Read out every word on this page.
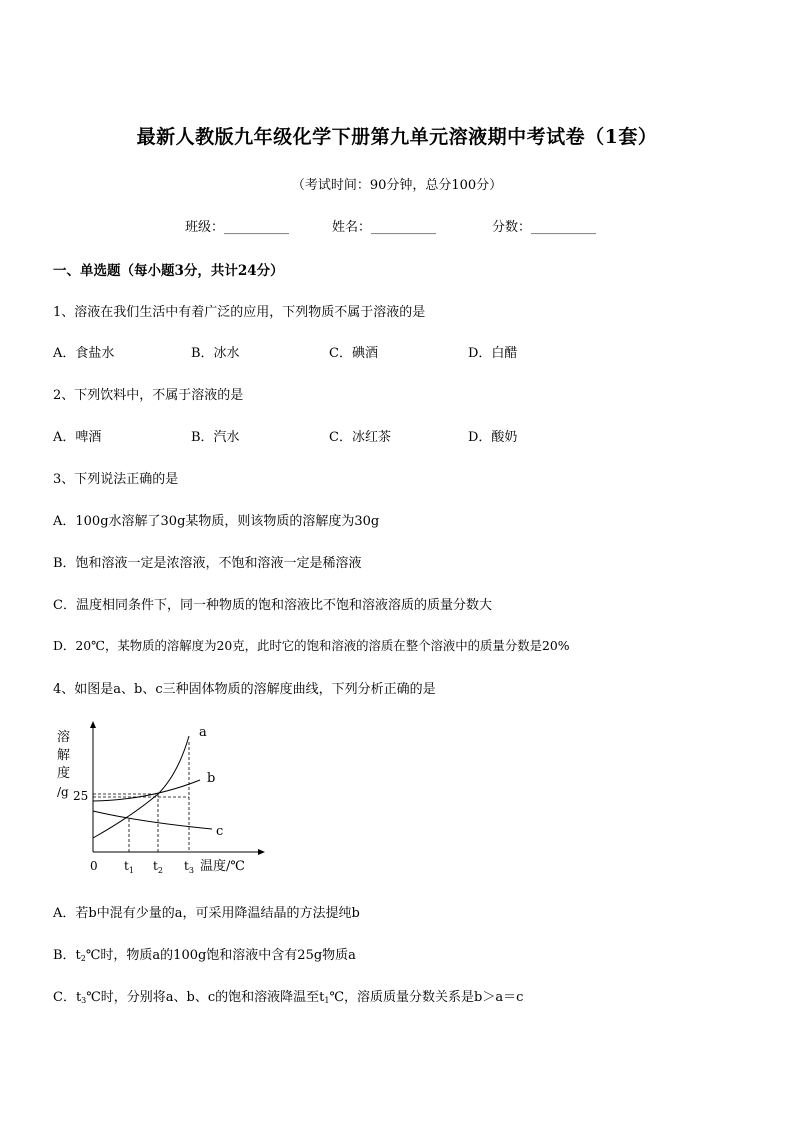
最新人教版九年级化学下册第九单元溶液期中考试卷（1套）
（考试时间：90分钟，总分100分）
班级：__________	姓名：__________	分数：__________
一、单选题（每小题3分，共计24分）
1、溶液在我们生活中有着广泛的应用，下列物质不属于溶液的是
A．食盐水	B．冰水	C．碘酒	D．白醋
2、下列饮料中，不属于溶液的是
A．啤酒	B．汽水	C．冰红茶	D．酸奶
3、下列说法正确的是
A．100g水溶解了30g某物质，则该物质的溶解度为30g
B．饱和溶液一定是浓溶液，不饱和溶液一定是稀溶液
C．温度相同条件下，同一种物质的饱和溶液比不饱和溶液溶质的质量分数大
D．20℃，某物质的溶解度为20克，此时它的饱和溶液的溶质在整个溶液中的质量分数是20%
4、如图是a、b、c三种固体物质的溶解度曲线，下列分析正确的是
溶
解
度
/g 25
0 $t_1$ $t_2$ $t_3$ 温度/℃
a
b
c
A．若b中混有少量的a，可采用降温结晶的方法提纯b
B．$t_2℃$时，物质a的100g饱和溶液中含有25g物质a
C．$t_3℃$时，分别将a、b、c的饱和溶液降温至$t_1℃$，溶质质量分数关系是b＞a＝c
